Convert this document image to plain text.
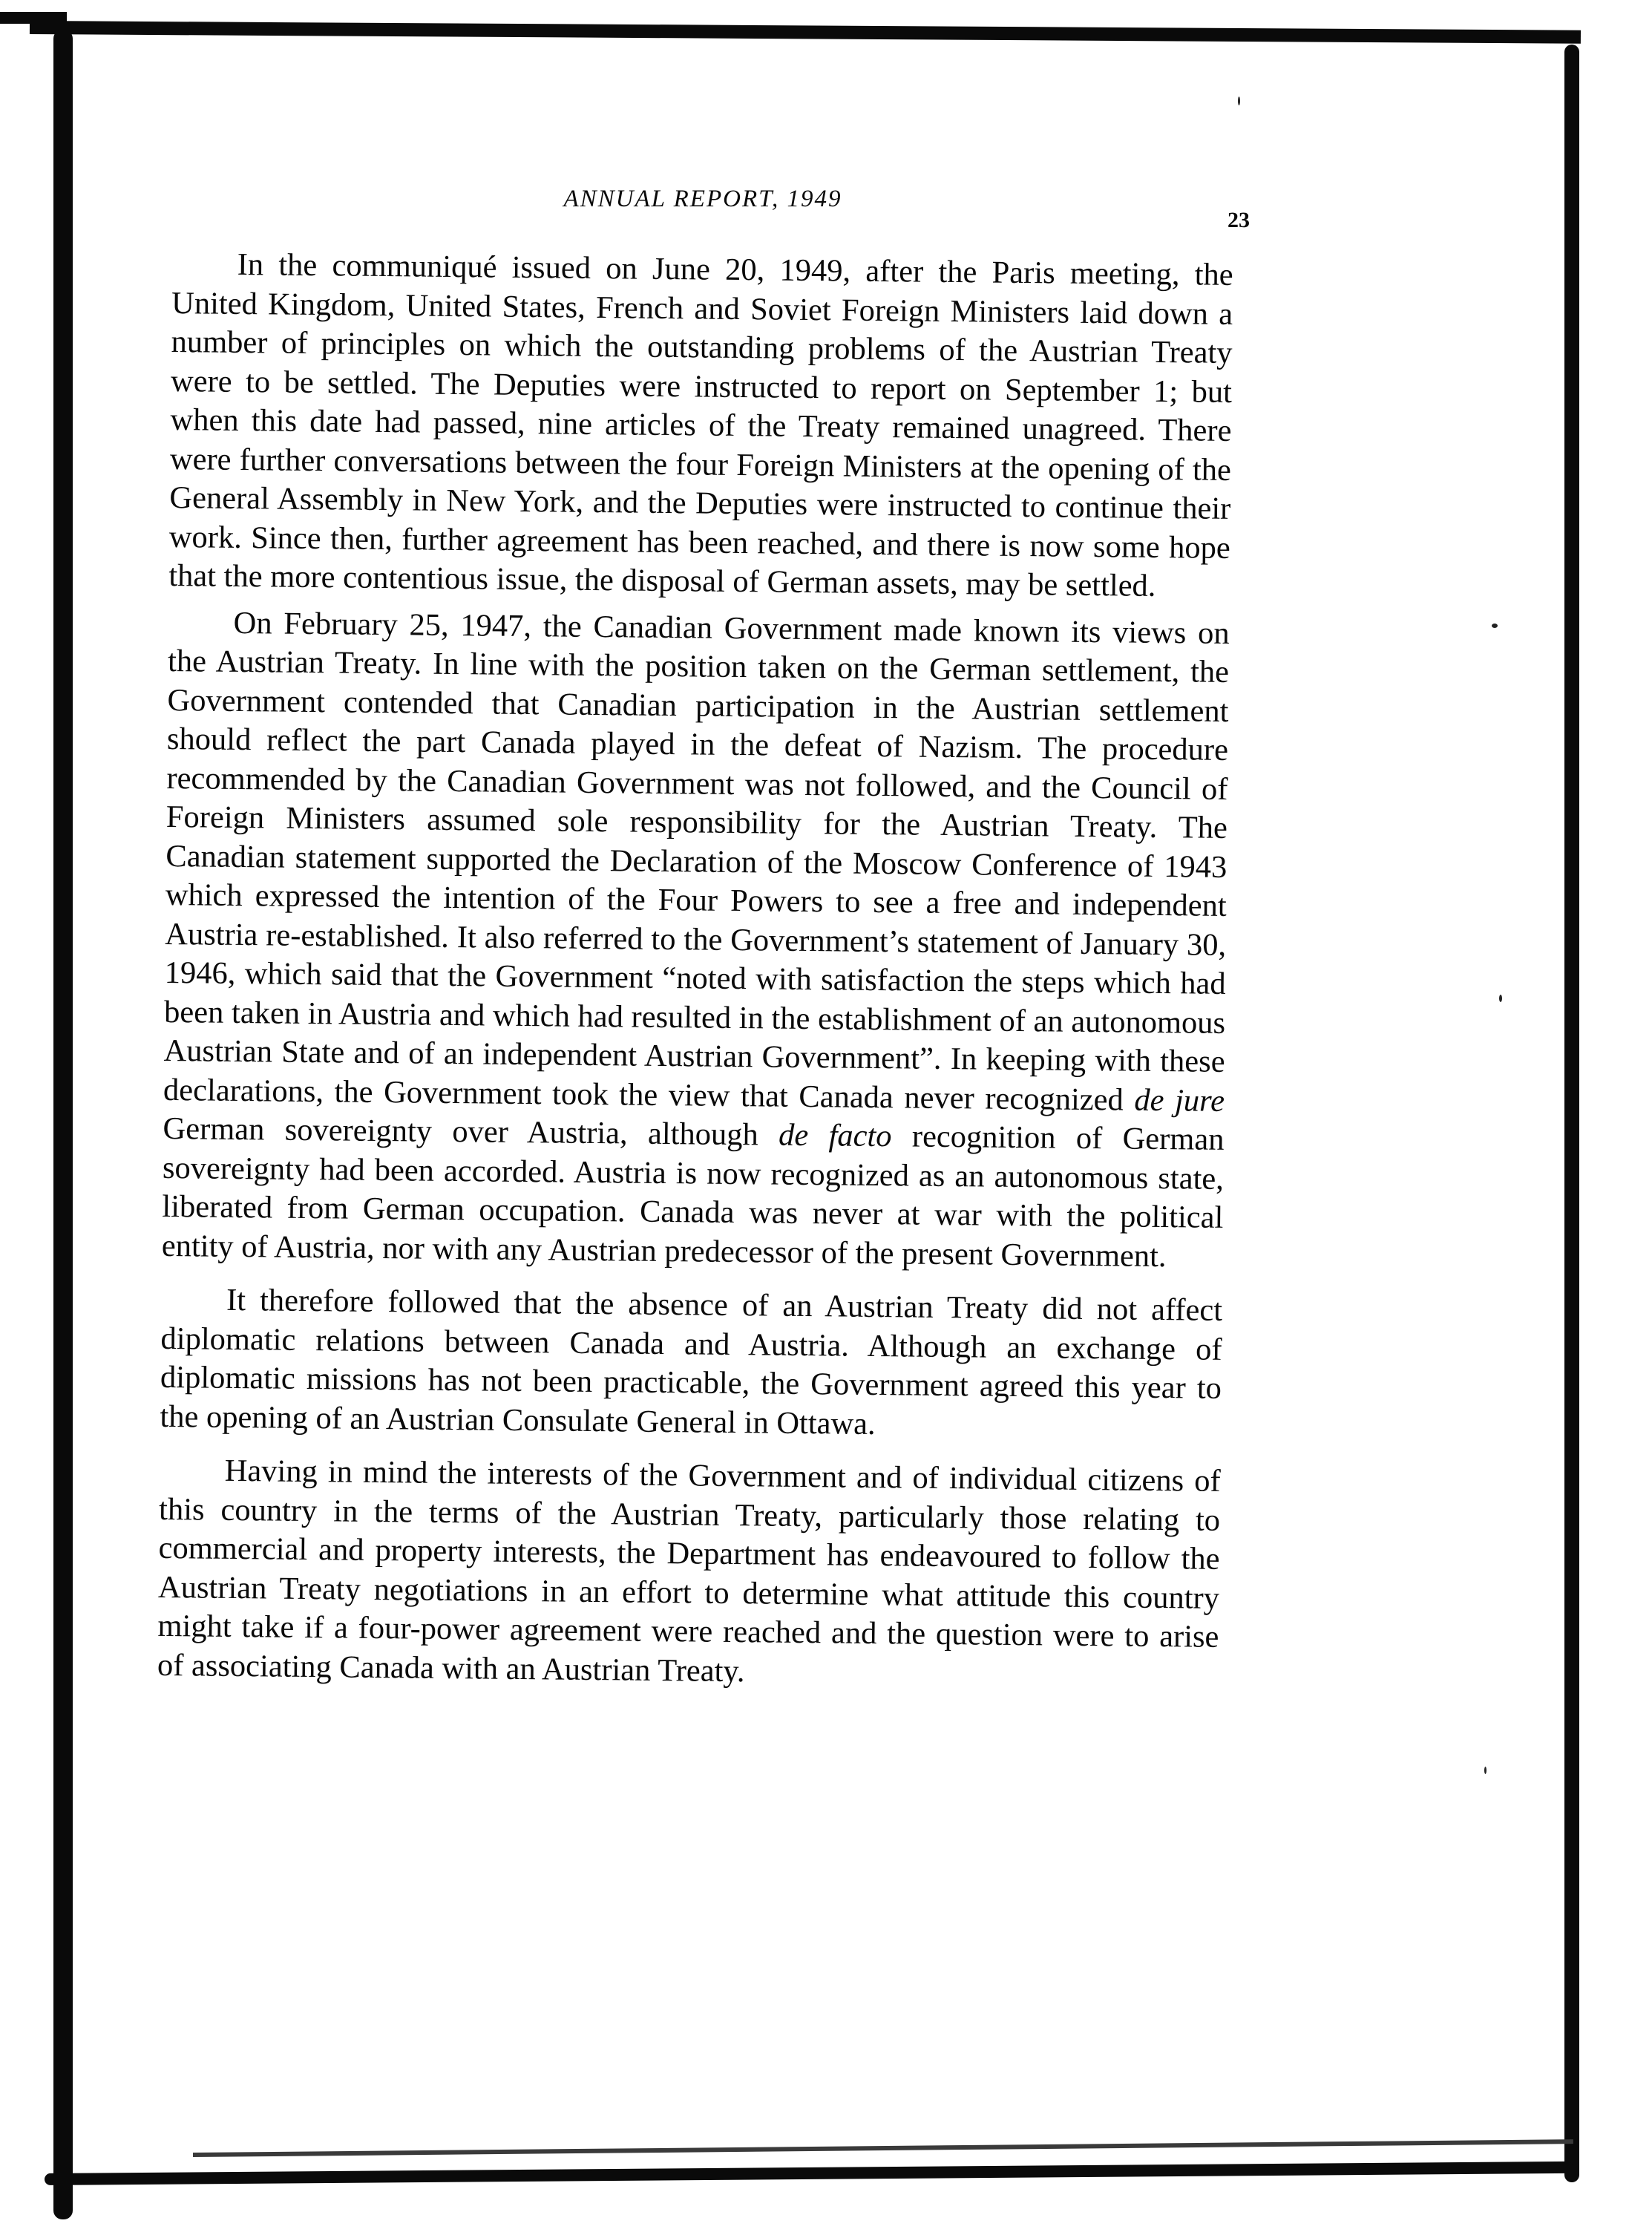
ANNUAL REPORT, 1949
23

In the communiqué issued on June 20, 1949, after the Paris meeting, the United Kingdom, United States, French and Soviet Foreign Ministers laid down a number of principles on which the outstanding problems of the Austrian Treaty were to be settled. The Deputies were instructed to report on September 1; but when this date had passed, nine articles of the Treaty remained unagreed. There were further conversations between the four Foreign Ministers at the opening of the General Assembly in New York, and the Deputies were instructed to continue their work. Since then, further agreement has been reached, and there is now some hope that the more contentious issue, the disposal of German assets, may be settled.

On February 25, 1947, the Canadian Government made known its views on the Austrian Treaty. In line with the position taken on the German settlement, the Government contended that Canadian participation in the Austrian settlement should reflect the part Canada played in the defeat of Nazism. The procedure recommended by the Canadian Government was not followed, and the Council of Foreign Ministers assumed sole responsibility for the Austrian Treaty. The Canadian statement supported the Declaration of the Moscow Conference of 1943 which expressed the intention of the Four Powers to see a free and independent Austria re-established. It also referred to the Government’s statement of January 30, 1946, which said that the Government “noted with satisfaction the steps which had been taken in Austria and which had resulted in the establishment of an autonomous Austrian State and of an independent Austrian Government”. In keeping with these declarations, the Government took the view that Canada never recognized de jure German sovereignty over Austria, although de facto recognition of German sovereignty had been accorded. Austria is now recognized as an autonomous state, liberated from German occupation. Canada was never at war with the political entity of Austria, nor with any Austrian predecessor of the present Government.

It therefore followed that the absence of an Austrian Treaty did not affect diplomatic relations between Canada and Austria. Although an exchange of diplomatic missions has not been practicable, the Government agreed this year to the opening of an Austrian Consulate General in Ottawa.

Having in mind the interests of the Government and of individual citizens of this country in the terms of the Austrian Treaty, particularly those relating to commercial and property interests, the Department has endeavoured to follow the Austrian Treaty negotiations in an effort to determine what attitude this country might take if a four-power agreement were reached and the question were to arise of associating Canada with an Austrian Treaty.
